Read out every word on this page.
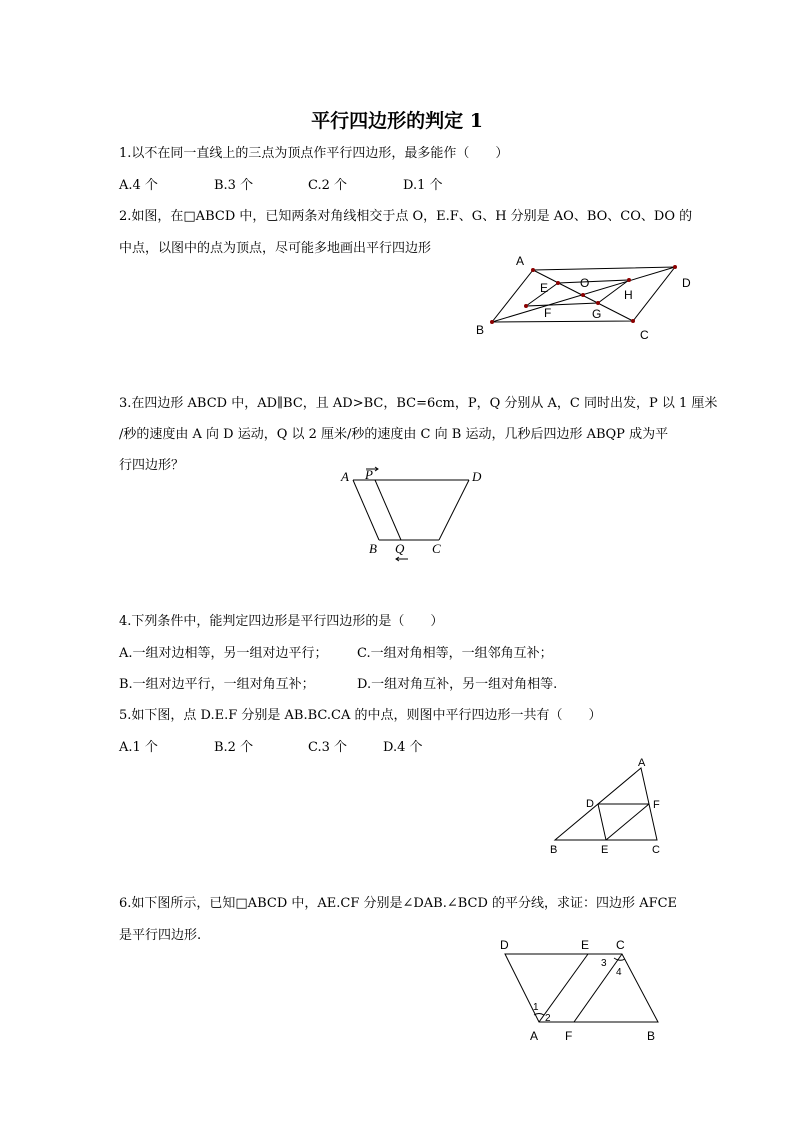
平行四边形的判定 1
1.以不在同一直线上的三点为顶点作平行四边形，最多能作（　　）
A.4 个	B.3 个	C.2 个	D.1 个
2.如图，在□ABCD 中，已知两条对角线相交于点 O，E.F、G、H 分别是 AO、BO、CO、DO 的
中点，以图中的点为顶点，尽可能多地画出平行四边形
A
D
B	C
O
E	H
F	G
3.在四边形 ABCD 中，AD∥BC，且 AD>BC，BC=6cm，P，Q 分别从 A，C 同时出发，P 以 1 厘米
/秒的速度由 A 向 D 运动，Q 以 2 厘米/秒的速度由 C 向 B 运动，几秒后四边形 ABQP 成为平
行四边形？
A P	D
B Q C
4.下列条件中，能判定四边形是平行四边形的是（　　）
A.一组对边相等，另一组对边平行； C.一组对角相等，一组邻角互补；
B.一组对边平行，一组对角互补；	D.一组对角互补，另一组对角相等.
5.如下图，点 D.E.F 分别是 AB.BC.CA 的中点，则图中平行四边形一共有（　　）
A.1 个	B.2 个	C.3 个	D.4 个
A
D	F
B	E	C
6.如下图所示，已知□ABCD 中，AE.CF 分别是∠DAB.∠BCD 的平分线，求证：四边形 AFCE
是平行四边形.
D	E C
A F	B
1
2
3
4
